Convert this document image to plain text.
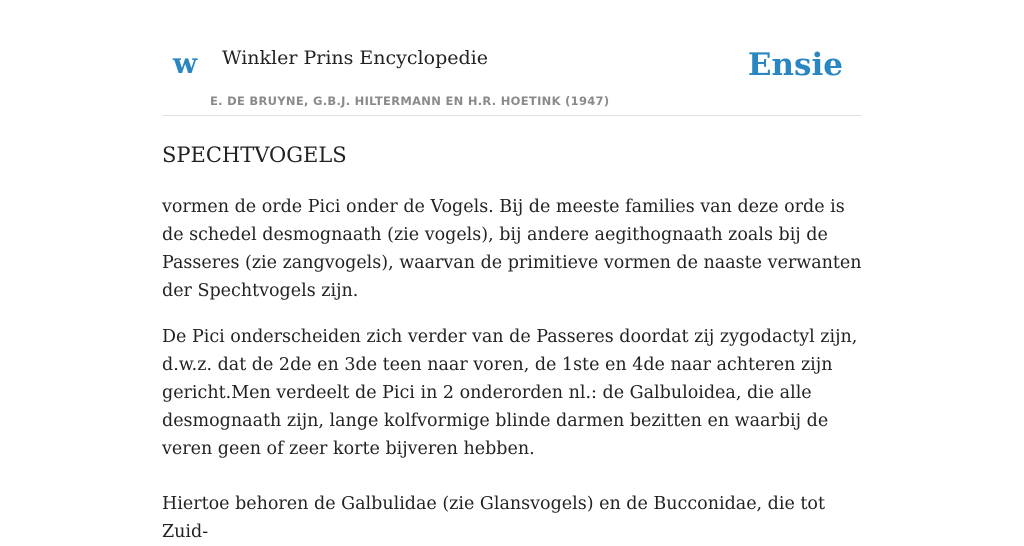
w Winkler Prins Encyclopedie
E. DE BRUYNE, G.B.J. HILTERMANN EN H.R. HOETINK (1947)
Ensie
SPECHTVOGELS

vormen de orde Pici onder de Vogels. Bij de meeste families van deze orde is de schedel desmognaath (zie vogels), bij andere aegithognaath zoals bij de Passeres (zie zangvogels), waarvan de primitieve vormen de naaste verwanten der Spechtvogels zijn.

De Pici onderscheiden zich verder van de Passeres doordat zij zygodactyl zijn, d.w.z. dat de 2de en 3de teen naar voren, de 1ste en 4de naar achteren zijn gericht.Men verdeelt de Pici in 2 onderorden nl.: de Galbuloidea, die alle desmognaath zijn, lange kolfvormige blinde darmen bezitten en waarbij de veren geen of zeer korte bijveren hebben.

Hiertoe behoren de Galbulidae (zie Glansvogels) en de Bucconidae, die tot Zuid-
